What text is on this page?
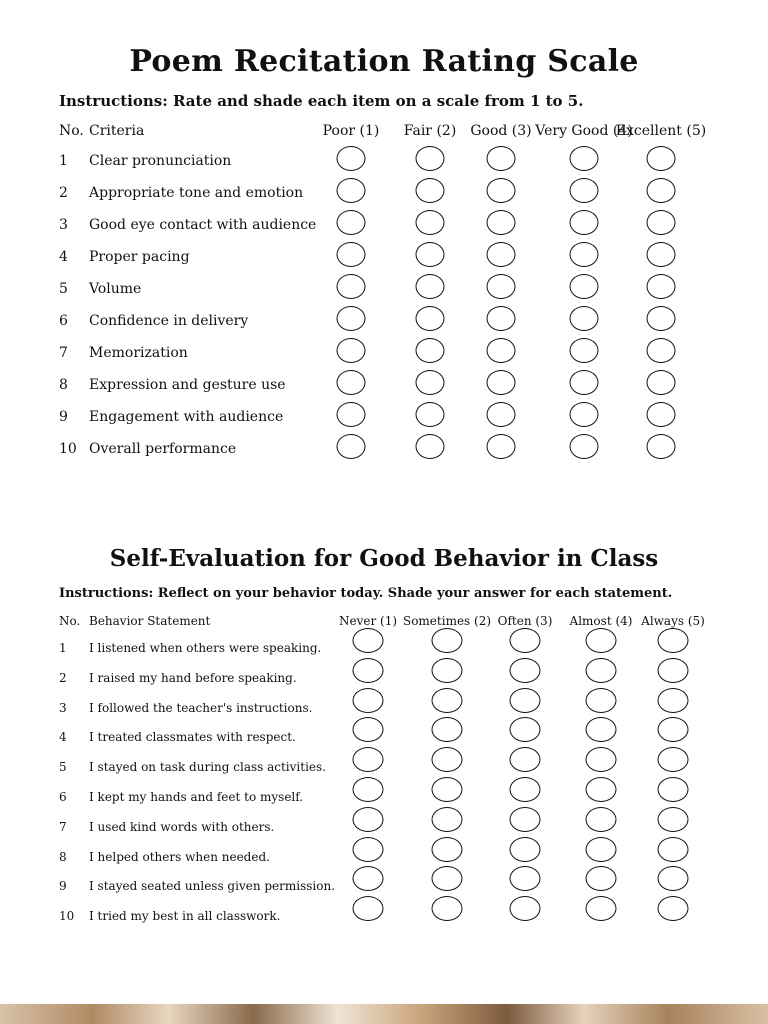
Poem Recitation Rating Scale

Instructions: Rate and shade each item on a scale from 1 to 5.

No. Criteria	Poor (1) Fair (2) Good (3) Very Good (4)
Excellent (5)
1 Clear pronunciation
2 Appropriate tone and emotion
3 Good eye contact with audience
4 Proper pacing
5 Volume
6 Confidence in delivery
7 Memorization
8 Expression and gesture use
9 Engagement with audience
10 Overall performance
Self-Evaluation for Good Behavior in Class

Instructions: Reflect on your behavior today. Shade your answer for each statement.

No. Behavior Statement	Never (1) Sometimes (2) Often (3) Almost (4) Always (5)
1 I listened when others were speaking.
2 I raised my hand before speaking.
3 I followed the teacher's instructions.
4 I treated classmates with respect.
5 I stayed on task during class activities.
6 I kept my hands and feet to myself.
7 I used kind words with others.
8 I helped others when needed.
9 I stayed seated unless given permission.
10 I tried my best in all classwork.
